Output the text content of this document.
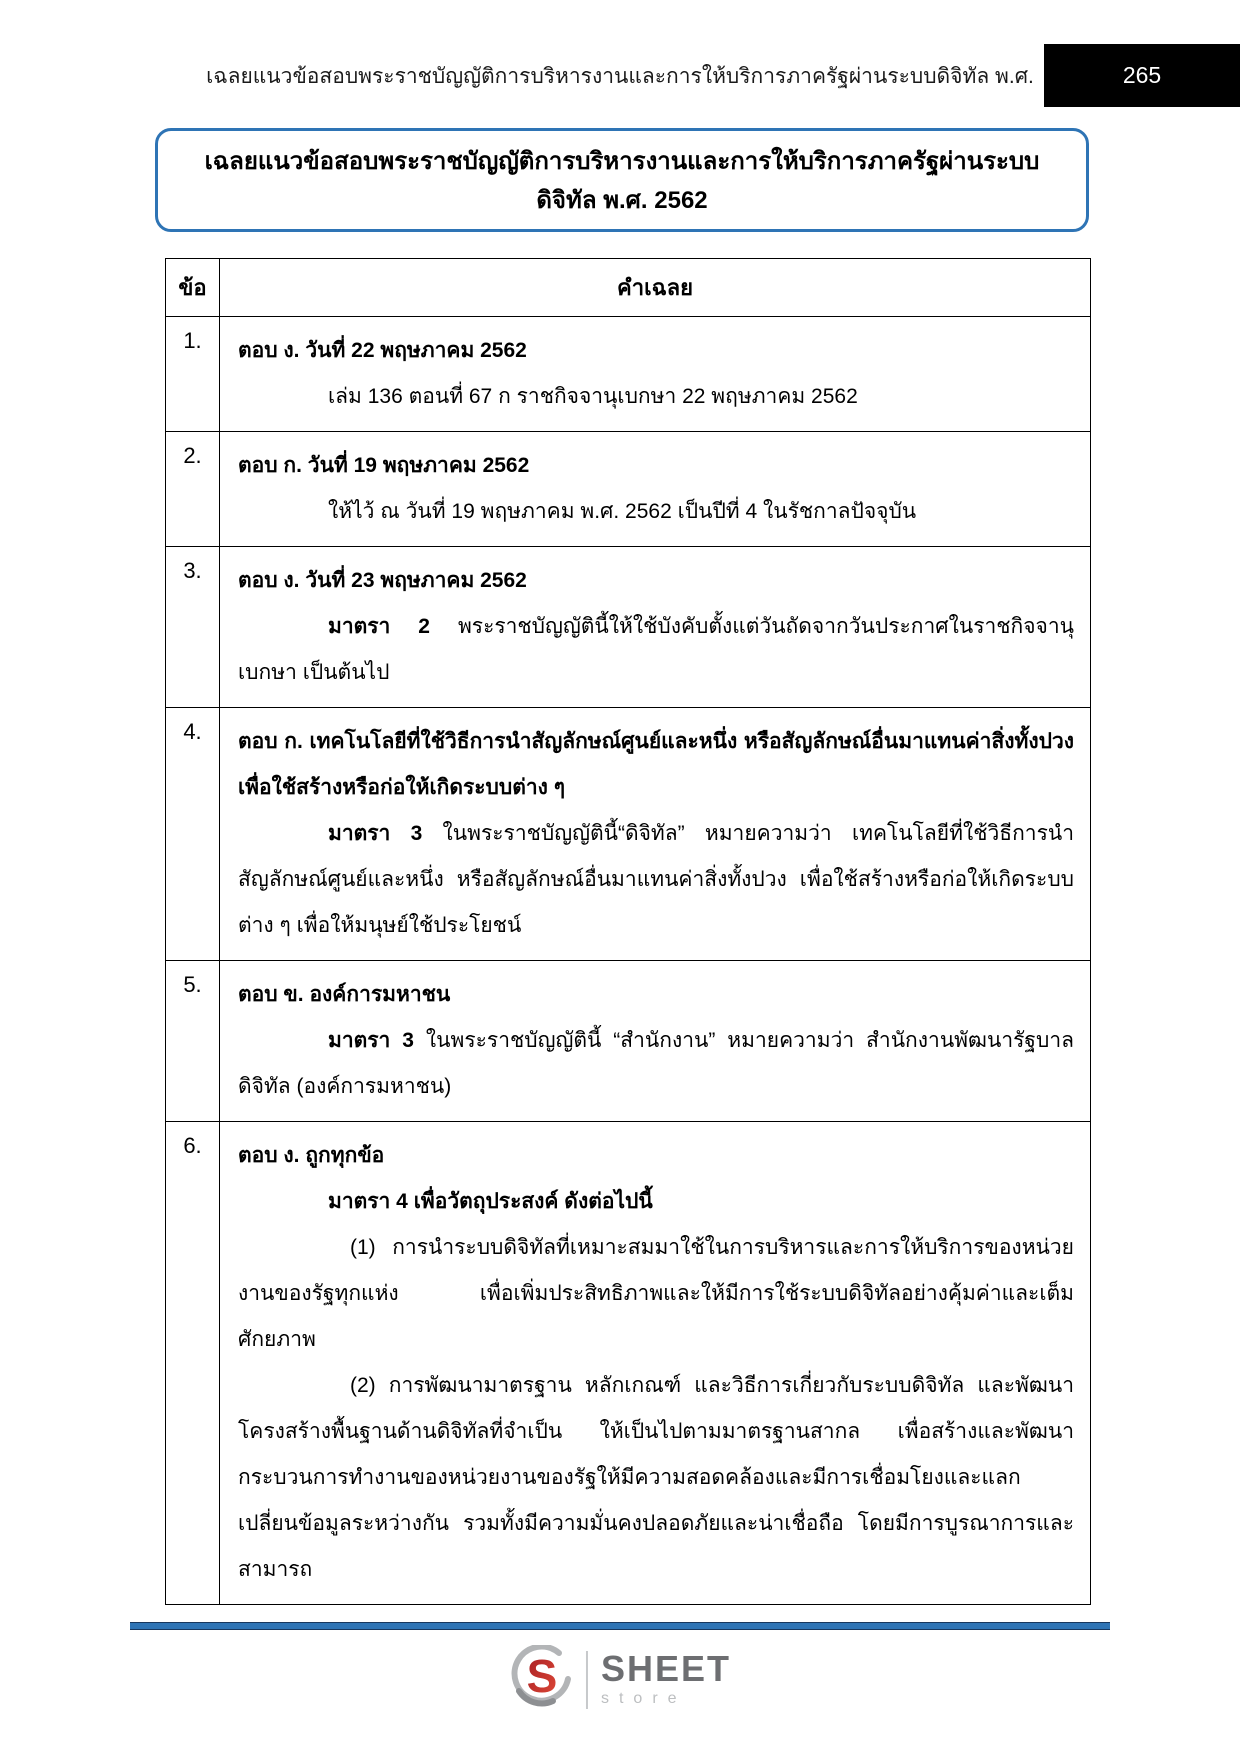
เฉลยแนวข้อสอบพระราชบัญญัติการบริหารงานและการให้บริการภาครัฐผ่านระบบดิจิทัล พ.ศ.	265
เฉลยแนวข้อสอบพระราชบัญญัติการบริหารงานและการให้บริการภาครัฐผ่านระบบดิจิทัล พ.ศ. 2562
ข้อ	คำเฉลย
1.	ตอบ ง. วันที่ 22 พฤษภาคม 2562

เล่ม 136 ตอนที่ 67 ก ราชกิจจานุเบกษา 22 พฤษภาคม 2562

2.	ตอบ ก. วันที่ 19 พฤษภาคม 2562

ให้ไว้ ณ วันที่ 19 พฤษภาคม พ.ศ. 2562 เป็นปีที่ 4 ในรัชกาลปัจจุบัน

3.	ตอบ ง. วันที่ 23 พฤษภาคม 2562

มาตรา 2 พระราชบัญญัตินี้ให้ใช้บังคับตั้งแต่วันถัดจากวันประกาศในราชกิจจานุเบกษา เป็นต้นไป

4.	ตอบ ก. เทคโนโลยีที่ใช้วิธีการนำสัญลักษณ์ศูนย์และหนึ่ง หรือสัญลักษณ์อื่นมาแทนค่าสิ่งทั้งปวง เพื่อใช้สร้างหรือก่อให้เกิดระบบต่าง ๆ

มาตรา 3 ในพระราชบัญญัตินี้“ดิจิทัล” หมายความว่า เทคโนโลยีที่ใช้วิธีการนำสัญลักษณ์ศูนย์และหนึ่ง หรือสัญลักษณ์อื่นมาแทนค่าสิ่งทั้งปวง เพื่อใช้สร้างหรือก่อให้เกิดระบบต่าง ๆ เพื่อให้มนุษย์ใช้ประโยชน์

5.	ตอบ ข. องค์การมหาชน

มาตรา 3 ในพระราชบัญญัตินี้ “สำนักงาน” หมายความว่า สำนักงานพัฒนารัฐบาลดิจิทัล (องค์การมหาชน)

6.	ตอบ ง. ถูกทุกข้อ

มาตรา 4 เพื่อวัตถุประสงค์ ดังต่อไปนี้

(1) การนำระบบดิจิทัลที่เหมาะสมมาใช้ในการบริหารและการให้บริการของหน่วยงานของรัฐทุกแห่ง เพื่อเพิ่มประสิทธิภาพและให้มีการใช้ระบบดิจิทัลอย่างคุ้มค่าและเต็มศักยภาพ

(2) การพัฒนามาตรฐาน หลักเกณฑ์ และวิธีการเกี่ยวกับระบบดิจิทัล และพัฒนาโครงสร้างพื้นฐานด้านดิจิทัลที่จำเป็น ให้เป็นไปตามมาตรฐานสากล เพื่อสร้างและพัฒนากระบวนการทำงานของหน่วยงานของรัฐให้มีความสอดคล้องและมีการเชื่อมโยงและแลกเปลี่ยนข้อมูลระหว่างกัน รวมทั้งมีความมั่นคงปลอดภัยและน่าเชื่อถือ โดยมีการบูรณาการและสามารถ

S SHEET
store
